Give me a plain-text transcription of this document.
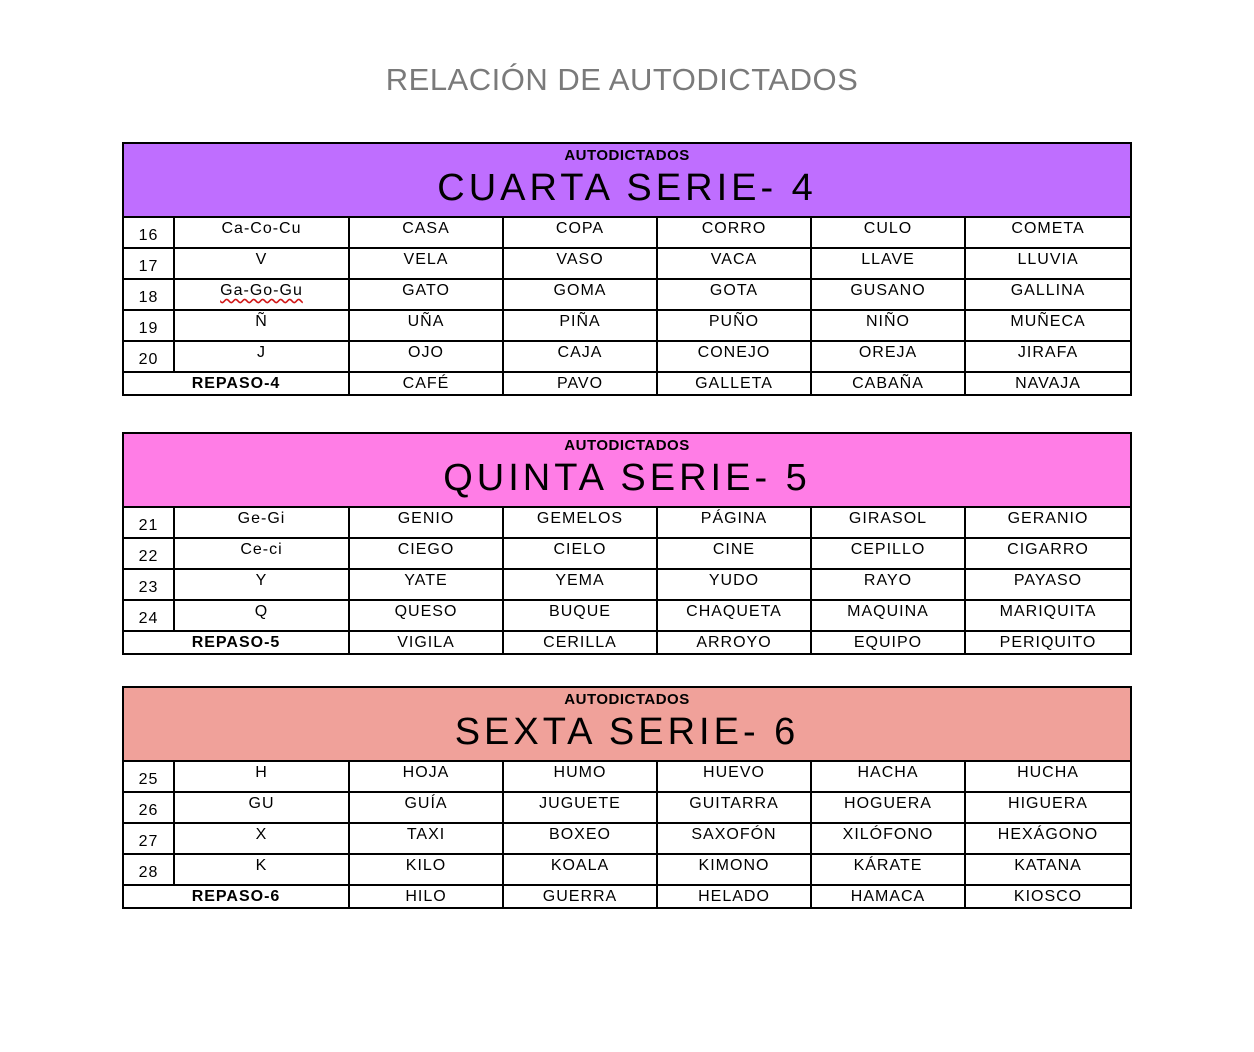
RELACIÓN DE AUTODICTADOS
AUTODICTADOS
CUARTA SERIE- 4						

16	Ca-Co-Cu	CASA	COPA	CORRO	CULO	COMETA
17	V	VELA	VASO	VACA	LLAVE	LLUVIA
18	Ga-Go-Gu	GATO	GOMA	GOTA	GUSANO	GALLINA
19	Ñ	UÑA	PIÑA	PUÑO	NIÑO	MUÑECA
20	J	OJO	CAJA	CONEJO	OREJA	JIRAFA
REPASO-4		CAFÉ	PAVO	GALLETA	CABAÑA	NAVAJA
AUTODICTADOS
QUINTA SERIE- 5						

21	Ge-Gi	GENIO	GEMELOS	PÁGINA	GIRASOL	GERANIO
22	Ce-ci	CIEGO	CIELO	CINE	CEPILLO	CIGARRO
23	Y	YATE	YEMA	YUDO	RAYO	PAYASO
24	Q	QUESO	BUQUE	CHAQUETA	MAQUINA	MARIQUITA
REPASO-5		VIGILA	CERILLA	ARROYO	EQUIPO	PERIQUITO
AUTODICTADOS
SEXTA SERIE- 6						

25	H	HOJA	HUMO	HUEVO	HACHA	HUCHA
26	GU	GUÍA	JUGUETE	GUITARRA	HOGUERA	HIGUERA
27	X	TAXI	BOXEO	SAXOFÓN	XILÓFONO	HEXÁGONO
28	K	KILO	KOALA	KIMONO	KÁRATE	KATANA
REPASO-6		HILO	GUERRA	HELADO	HAMACA	KIOSCO
